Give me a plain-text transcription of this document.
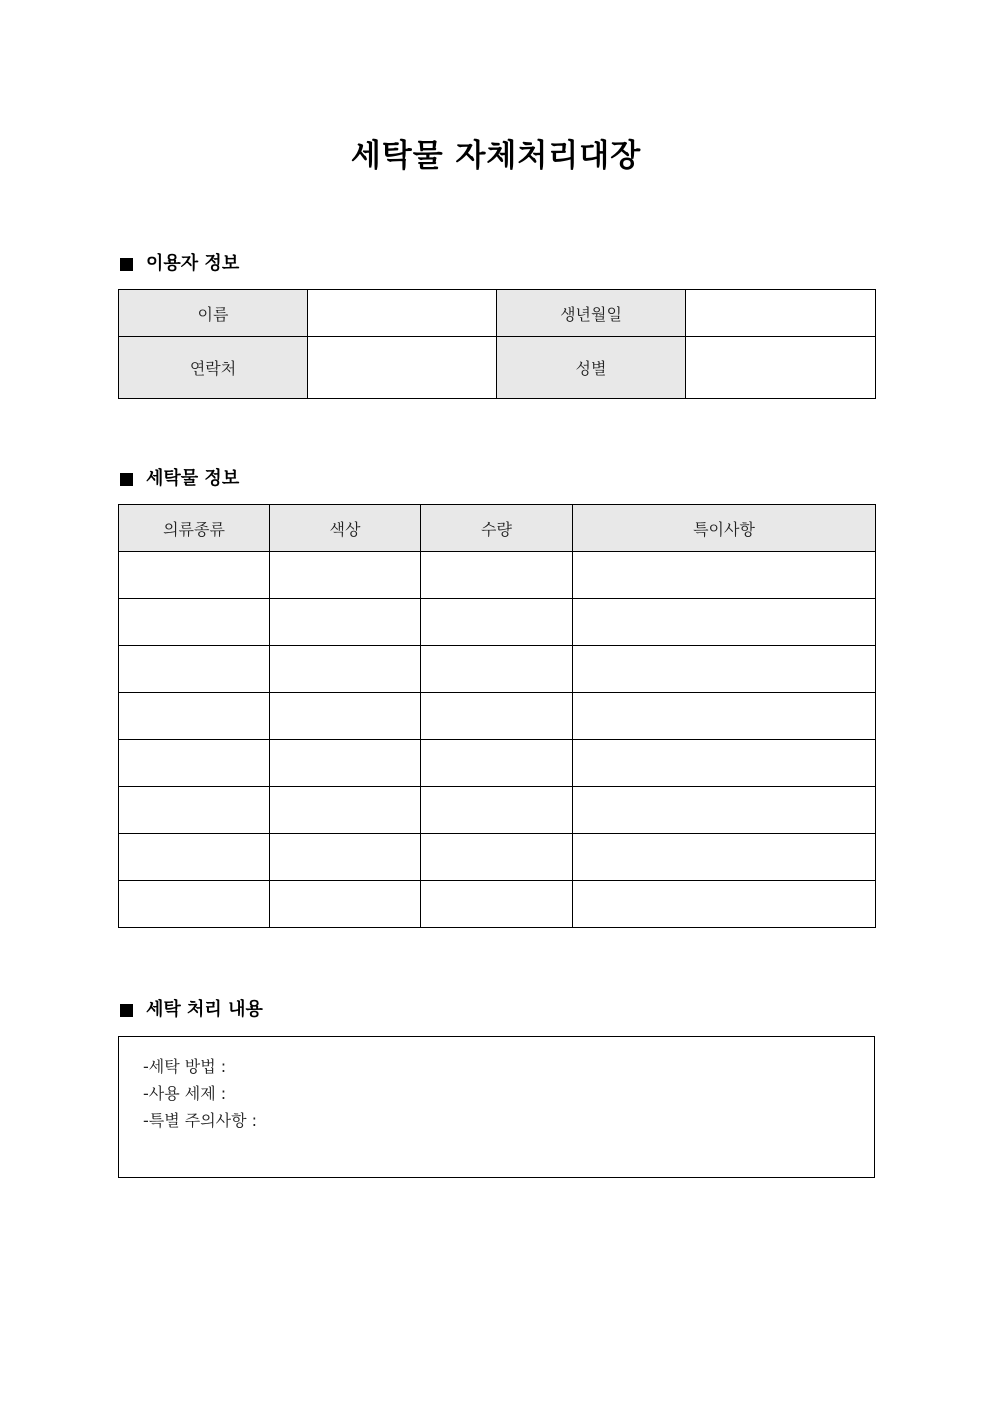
세탁물 자체처리대장
이용자 정보
이름		생년월일	
연락처		성별	
세탁물 정보
의류종류	색상	수량	특이사항

세탁 처리 내용
-세탁 방법 :
-사용 세제 :
-특별 주의사항 :
